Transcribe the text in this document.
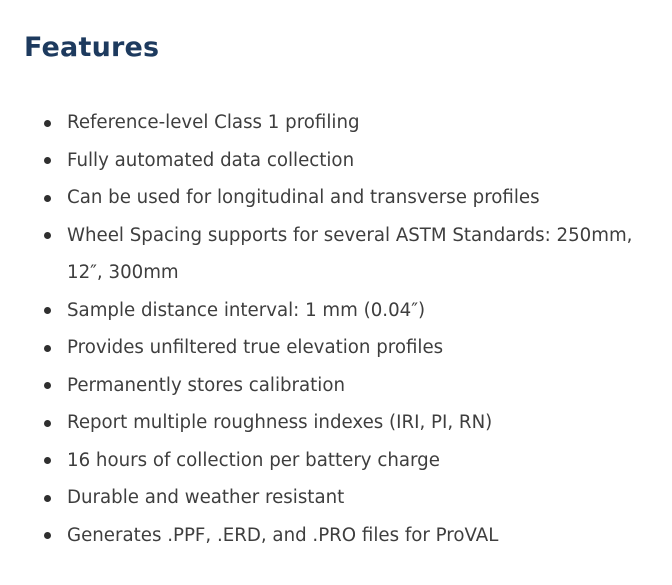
Features
Reference-level Class 1 profiling
Fully automated data collection
Can be used for longitudinal and transverse profiles
Wheel Spacing supports for several ASTM Standards: 250mm, 12″, 300mm
Sample distance interval: 1 mm (0.04″)
Provides unfiltered true elevation profiles
Permanently stores calibration
Report multiple roughness indexes (IRI, PI, RN)
16 hours of collection per battery charge
Durable and weather resistant
Generates .PPF, .ERD, and .PRO files for ProVAL
